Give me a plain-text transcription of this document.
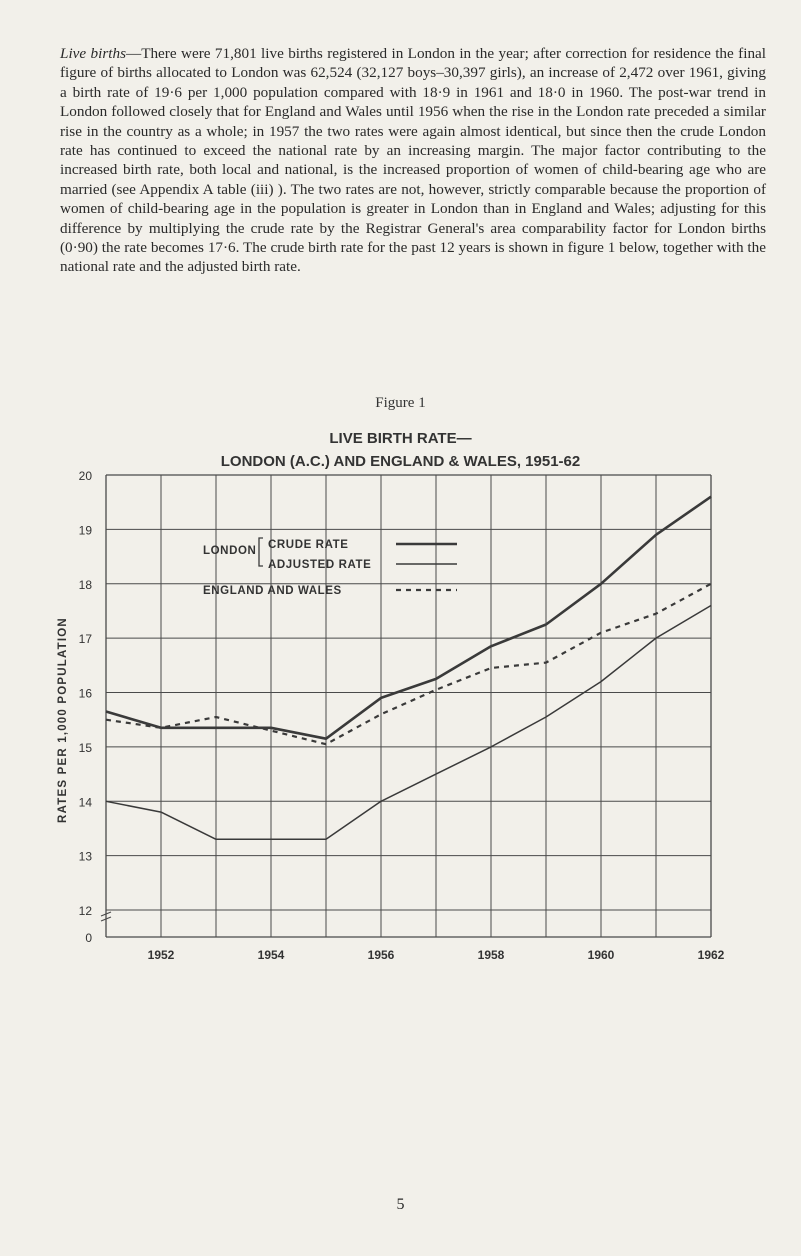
Live births—There were 71,801 live births registered in London in the year; after correction for residence the final figure of births allocated to London was 62,524 (32,127 boys–30,397 girls), an increase of 2,472 over 1961, giving a birth rate of 19·6 per 1,000 population compared with 18·9 in 1961 and 18·0 in 1960. The post-war trend in London followed closely that for England and Wales until 1956 when the rise in the London rate preceded a similar rise in the country as a whole; in 1957 the two rates were again almost identical, but since then the crude London rate has continued to exceed the national rate by an increasing margin. The major factor contributing to the increased birth rate, both local and national, is the increased proportion of women of child-bearing age who are married (see Appendix A table (iii) ). The two rates are not, however, strictly comparable because the proportion of women of child-bearing age in the population is greater in London than in England and Wales; adjusting for this difference by multiplying the crude rate by the Registrar General's area comparability factor for London births (0·90) the rate becomes 17·6. The crude birth rate for the past 12 years is shown in figure 1 below, together with the national rate and the adjusted birth rate.

Figure 1
LIVE BIRTH RATE—
LONDON (A.C.) AND ENGLAND & WALES, 1951-62
20
19
18
17
16
15
14
13
12
0
1952	1954	1956	1958	1960	1962
RATES PER 1,000 POPULATION
LONDON CRUDE RATE
ADJUSTED RATE
ENGLAND AND WALES
5
